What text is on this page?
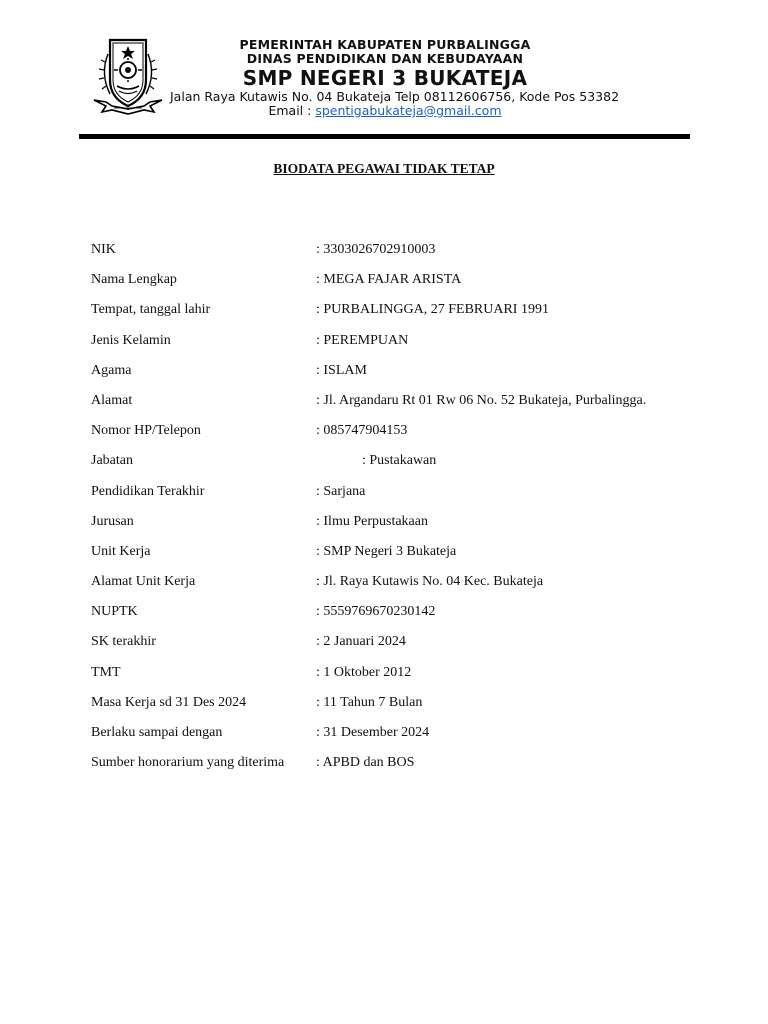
PEMERINTAH KABUPATEN PURBALINGGA
DINAS PENDIDIKAN DAN KEBUDAYAAN
SMP NEGERI 3 BUKATEJA
Jalan Raya Kutawis No. 04 Bukateja Telp 08112606756, Kode Pos 53382
Email : spentigabukateja@gmail.com
BIODATA PEGAWAI TIDAK TETAP
NIK	: 3303026702910003
Nama Lengkap	: MEGA FAJAR ARISTA
Tempat, tanggal lahir	: PURBALINGGA, 27 FEBRUARI 1991
Jenis Kelamin	: PEREMPUAN
Agama	: ISLAM
Alamat	: Jl. Argandaru Rt 01 Rw 06 No. 52 Bukateja, Purbalingga.
Nomor HP/Telepon	: 085747904153
Jabatan	: Pustakawan
Pendidikan Terakhir	: Sarjana
Jurusan	: Ilmu Perpustakaan
Unit Kerja	: SMP Negeri 3 Bukateja
Alamat Unit Kerja	: Jl. Raya Kutawis No. 04 Kec. Bukateja
NUPTK	: 5559769670230142
SK terakhir	: 2 Januari 2024
TMT	: 1 Oktober 2012
Masa Kerja sd 31 Des 2024	: 11 Tahun 7 Bulan
Berlaku sampai dengan	: 31 Desember 2024
Sumber honorarium yang diterima : APBD dan BOS
